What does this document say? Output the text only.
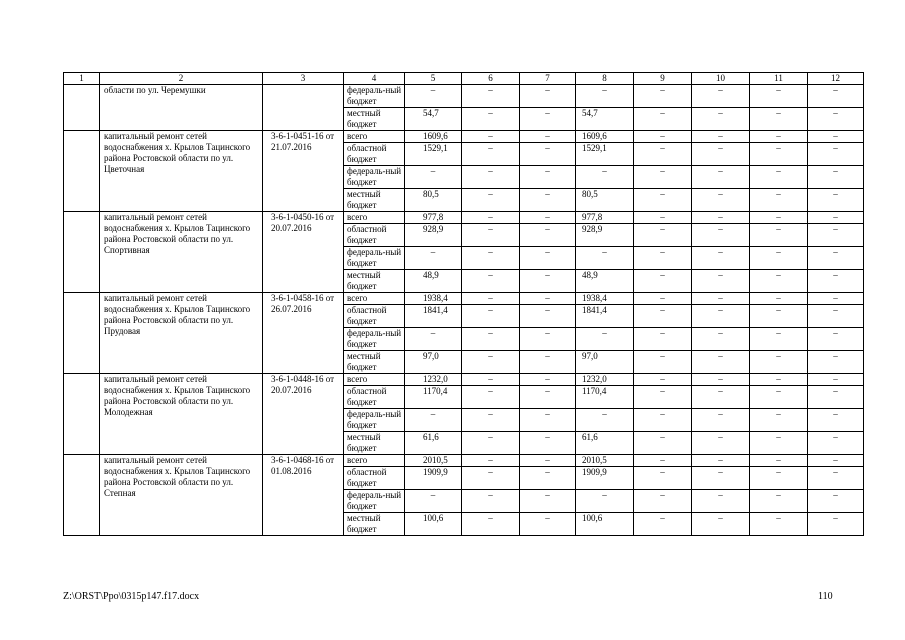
1	2	3	4	5	6	7	8	9	10	11	12
	области по ул. Черемушки		федераль-ный бюджет	–	–	–	–	–	–	–	–
			местный бюджет	54,7	–	–	54,7	–	–	–	–
	капитальный ремонт сетей водоснабжения х. Крылов Тацинского района Ростовской области по ул. Цветочная	3-6-1-0451-16 от 21.07.2016	всего	1609,6	–	–	1609,6	–	–	–	–
			областной бюджет	1529,1	–	–	1529,1	–	–	–	–
			федераль-ный бюджет	–	–	–	–	–	–	–	–
			местный бюджет	80,5	–	–	80,5	–	–	–	–
	капитальный ремонт сетей водоснабжения х. Крылов Тацинского района Ростовской области по ул. Спортивная	3-6-1-0450-16 от 20.07.2016	всего	977,8	–	–	977,8	–	–	–	–
			областной бюджет	928,9	–	–	928,9	–	–	–	–
			федераль-ный бюджет	–	–	–	–	–	–	–	–
			местный бюджет	48,9	–	–	48,9	–	–	–	–
	капитальный ремонт сетей водоснабжения х. Крылов Тацинского района Ростовской области по ул. Прудовая	3-6-1-0458-16 от 26.07.2016	всего	1938,4	–	–	1938,4	–	–	–	–
			областной бюджет	1841,4	–	–	1841,4	–	–	–	–
			федераль-ный бюджет	–	–	–	–	–	–	–	–
			местный бюджет	97,0	–	–	97,0	–	–	–	–
	капитальный ремонт сетей водоснабжения х. Крылов Тацинского района Ростовской области по ул. Молодежная	3-6-1-0448-16 от 20.07.2016	всего	1232,0	–	–	1232,0	–	–	–	–
			областной бюджет	1170,4	–	–	1170,4	–	–	–	–
			федераль-ный бюджет	–	–	–	–	–	–	–	–
			местный бюджет	61,6	–	–	61,6	–	–	–	–
	капитальный ремонт сетей водоснабжения х. Крылов Тацинского района Ростовской области по ул. Степная	3-6-1-0468-16 от 01.08.2016	всего	2010,5	–	–	2010,5	–	–	–	–
			областной бюджет	1909,9	–	–	1909,9	–	–	–	–
			федераль-ный бюджет	–	–	–	–	–	–	–	–
			местный бюджет	100,6	–	–	100,6	–	–	–	–
Z:\ORST\Ppo\0315p147.f17.docx	110
